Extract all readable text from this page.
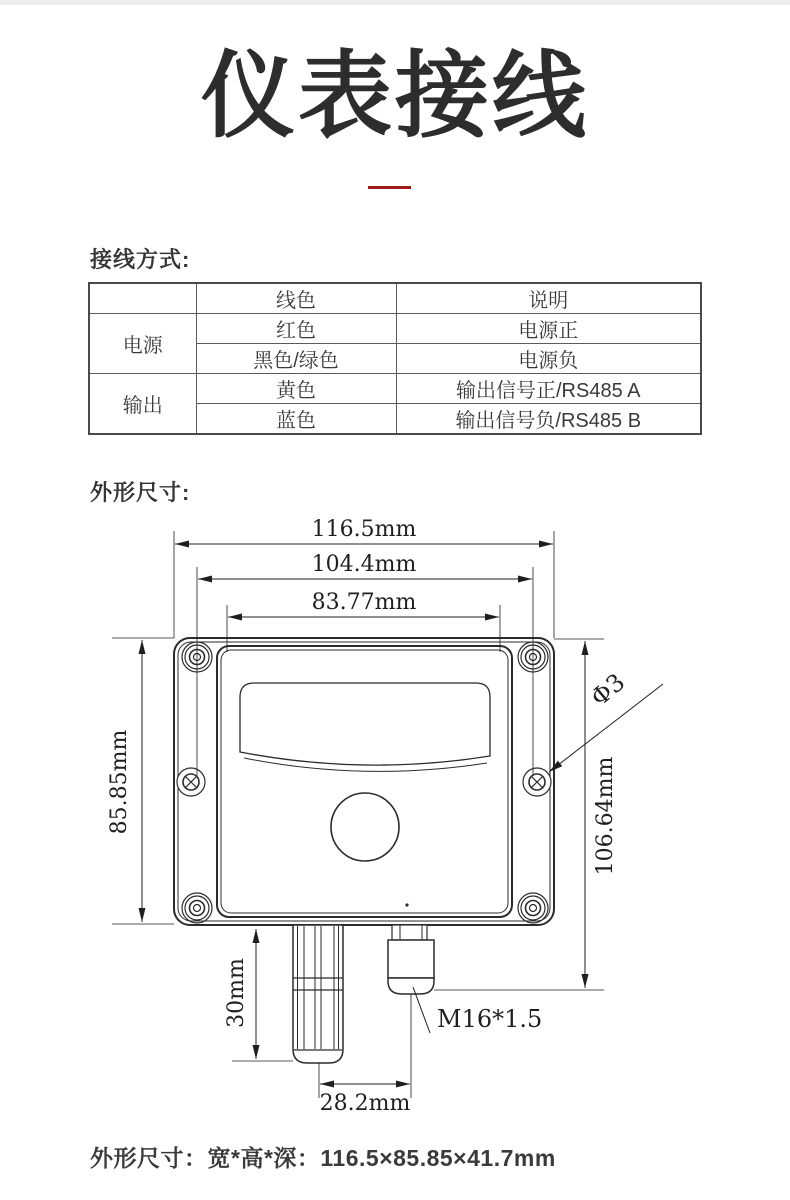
仪表接线
接线方式:
	线色	说明
电源	红色	电源正
	黑色/绿色	电源负
输出	黄色	输出信号正/RS485 A
	蓝色	输出信号负/RS485 B
外形尺寸:
116.5mm
104.4mm
83.77mm
85.85mm	106.64mm
Φ3
30mm
28.2mm
M16*1.5
外形尺寸：宽*高*深：116.5×85.85×41.7mm
